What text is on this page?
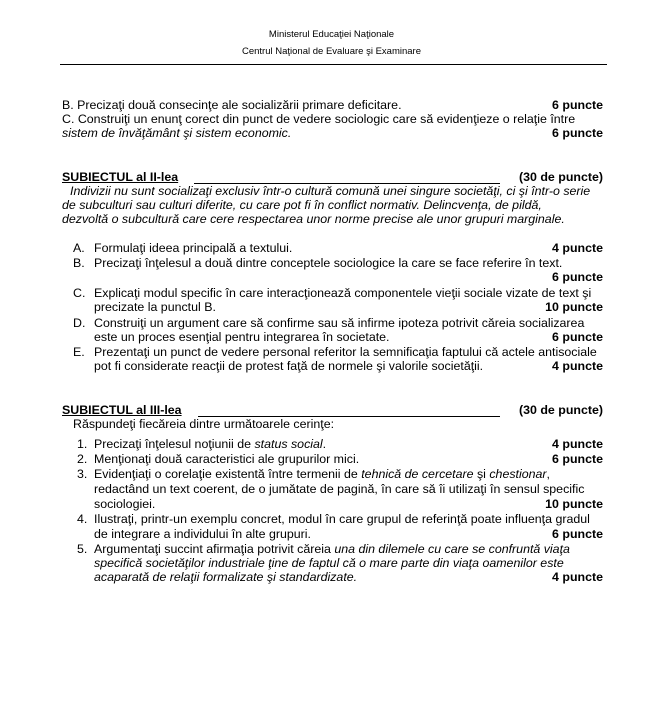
Ministerul Educaţiei Naţionale
Centrul Naţional de Evaluare şi Examinare
B. Precizaţi două consecinţe ale socializării primare deficitare.	6 puncte
C. Construiţi un enunţ corect din punct de vedere sociologic care să evidenţieze o relaţie între
sistem de învăţământ şi sistem economic.	6 puncte
SUBIECTUL al II-lea	(30 de puncte)
Indivizii nu sunt socializaţi exclusiv într-o cultură comună unei singure societăţi, ci şi într-o serie
de subculturi sau culturi diferite, cu care pot fi în conflict normativ. Delincvenţa, de pildă,
dezvoltă o subcultură care cere respectarea unor norme precise ale unor grupuri marginale.
A. Formulaţi ideea principală a textului.	4 puncte
B. Precizaţi înţelesul a două dintre conceptele sociologice la care se face referire în text.
6 puncte
C. Explicaţi modul specific în care interacţionează componentele vieţii sociale vizate de text şi
precizate la punctul B.	10 puncte
D. Construiţi un argument care să confirme sau să infirme ipoteza potrivit căreia socializarea
este un proces esenţial pentru integrarea în societate.	6 puncte
E. Prezentaţi un punct de vedere personal referitor la semnificaţia faptului că actele antisociale
pot fi considerate reacţii de protest faţă de normele şi valorile societăţii.	4 puncte
SUBIECTUL al III-lea	(30 de puncte)
Răspundeţi fiecăreia dintre următoarele cerinţe:
1. Precizaţi înţelesul noţiunii de status social.	4 puncte
2. Menţionaţi două caracteristici ale grupurilor mici.	6 puncte
3. Evidenţiaţi o corelaţie existentă între termenii de tehnică de cercetare şi chestionar,
redactând un text coerent, de o jumătate de pagină, în care să îi utilizaţi în sensul specific
sociologiei.	10 puncte
4. Ilustraţi, printr-un exemplu concret, modul în care grupul de referinţă poate influenţa gradul
de integrare a individului în alte grupuri.	6 puncte
5. Argumentaţi succint afirmaţia potrivit căreia una din dilemele cu care se confruntă viaţa
specifică societăţilor industriale ţine de faptul că o mare parte din viaţa oamenilor este
acaparată de relaţii formalizate şi standardizate.	4 puncte
